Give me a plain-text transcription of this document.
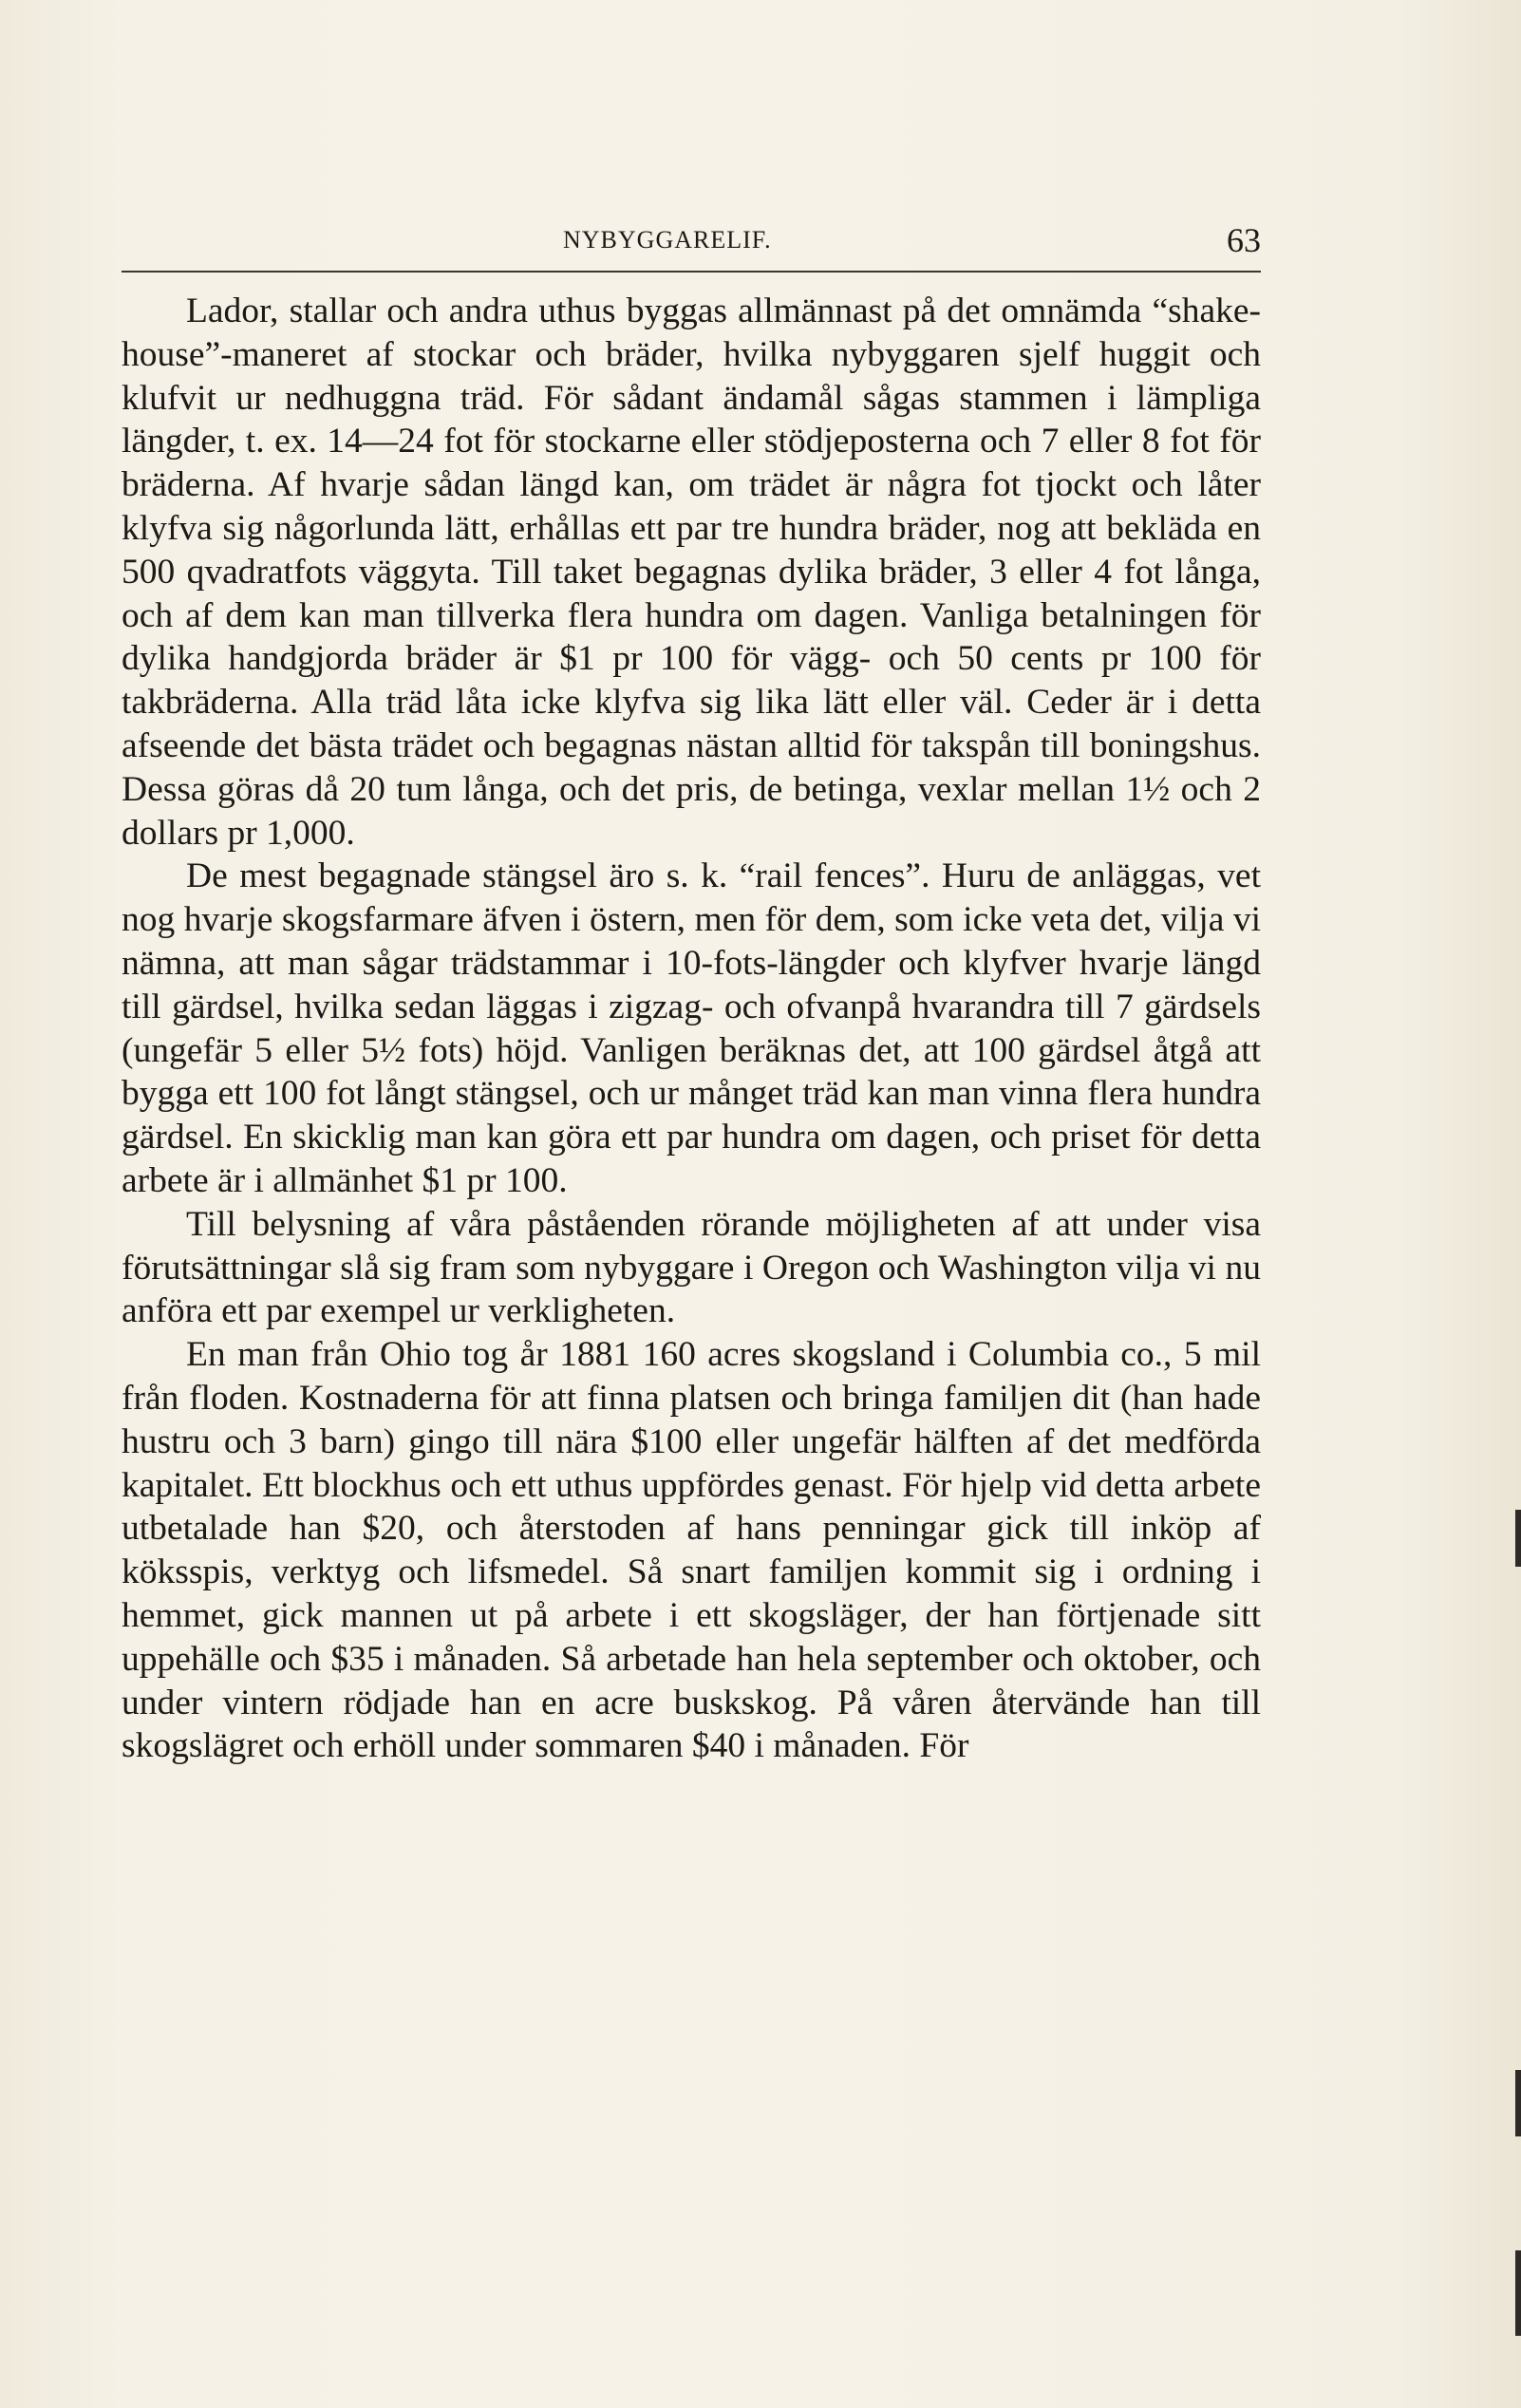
NYBYGGARELIF.	63

Lador, stallar och andra uthus byggas allmännast på det omnämda “shake-house”-maneret af stockar och bräder, hvilka nybyggaren sjelf huggit och klufvit ur nedhuggna träd. För sådant ändamål sågas stammen i lämpliga längder, t. ex. 14—24 fot för stockarne eller stödjeposterna och 7 eller 8 fot för bräderna. Af hvarje sådan längd kan, om trädet är några fot tjockt och låter klyfva sig någorlunda lätt, erhållas ett par tre hundra bräder, nog att bekläda en 500 qvadratfots väggyta. Till taket begagnas dylika bräder, 3 eller 4 fot långa, och af dem kan man tillverka flera hundra om dagen. Vanliga betalningen för dylika handgjorda bräder är $1 pr 100 för vägg- och 50 cents pr 100 för takbräderna. Alla träd låta icke klyfva sig lika lätt eller väl. Ceder är i detta afseende det bästa trädet och begagnas nästan alltid för takspån till boningshus. Dessa göras då 20 tum långa, och det pris, de betinga, vexlar mellan 1½ och 2 dollars pr 1,000.

De mest begagnade stängsel äro s. k. “rail fences”. Huru de anläggas, vet nog hvarje skogsfarmare äfven i östern, men för dem, som icke veta det, vilja vi nämna, att man sågar trädstammar i 10-fots-längder och klyfver hvarje längd till gärdsel, hvilka sedan läggas i zigzag- och ofvanpå hvarandra till 7 gärdsels (ungefär 5 eller 5½ fots) höjd. Vanligen beräknas det, att 100 gärdsel åtgå att bygga ett 100 fot långt stängsel, och ur månget träd kan man vinna flera hundra gärdsel. En skicklig man kan göra ett par hundra om dagen, och priset för detta arbete är i allmänhet $1 pr 100.

Till belysning af våra påståenden rörande möjligheten af att under visa förutsättningar slå sig fram som nybyggare i Oregon och Washington vilja vi nu anföra ett par exempel ur verkligheten.

En man från Ohio tog år 1881 160 acres skogsland i Columbia co., 5 mil från floden. Kostnaderna för att finna platsen och bringa familjen dit (han hade hustru och 3 barn) gingo till nära $100 eller ungefär hälften af det medförda kapitalet. Ett blockhus och ett uthus uppfördes genast. För hjelp vid detta arbete utbetalade han $20, och återstoden af hans penningar gick till inköp af köksspis, verktyg och lifsmedel. Så snart familjen kommit sig i ordning i hemmet, gick mannen ut på arbete i ett skogsläger, der han förtjenade sitt uppehälle och $35 i månaden. Så arbetade han hela september och oktober, och under vintern rödjade han en acre buskskog. På våren återvände han till skogslägret och erhöll under sommaren $40 i månaden. För
